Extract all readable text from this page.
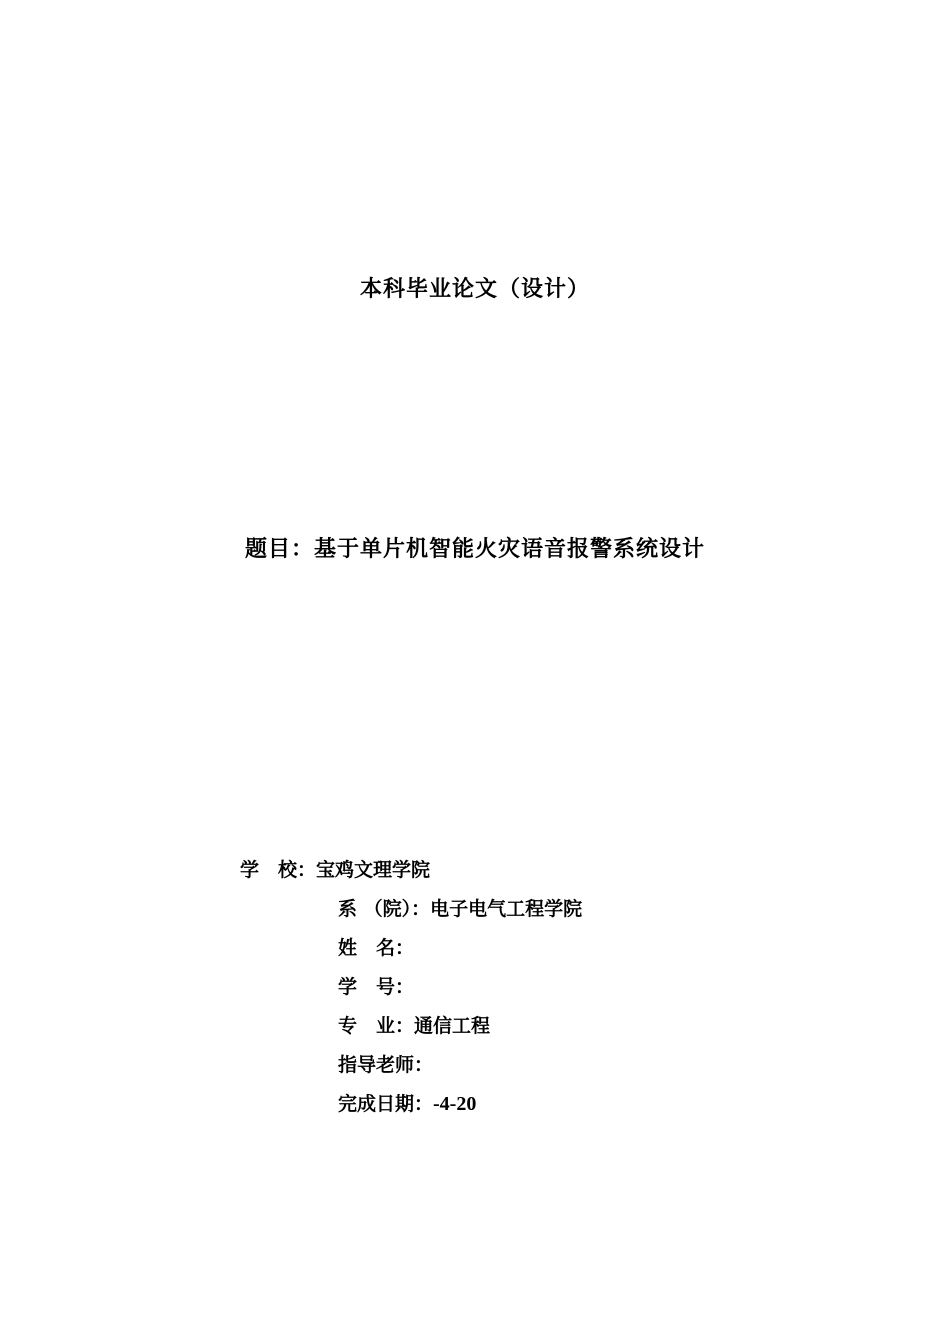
本科毕业论文（设计）
题目：基于单片机智能火灾语音报警系统设计
学　校：宝鸡文理学院
系 （院）：电子电气工程学院
姓　名：
学　号：
专　业：通信工程
指导老师：
完成日期：-4-20
